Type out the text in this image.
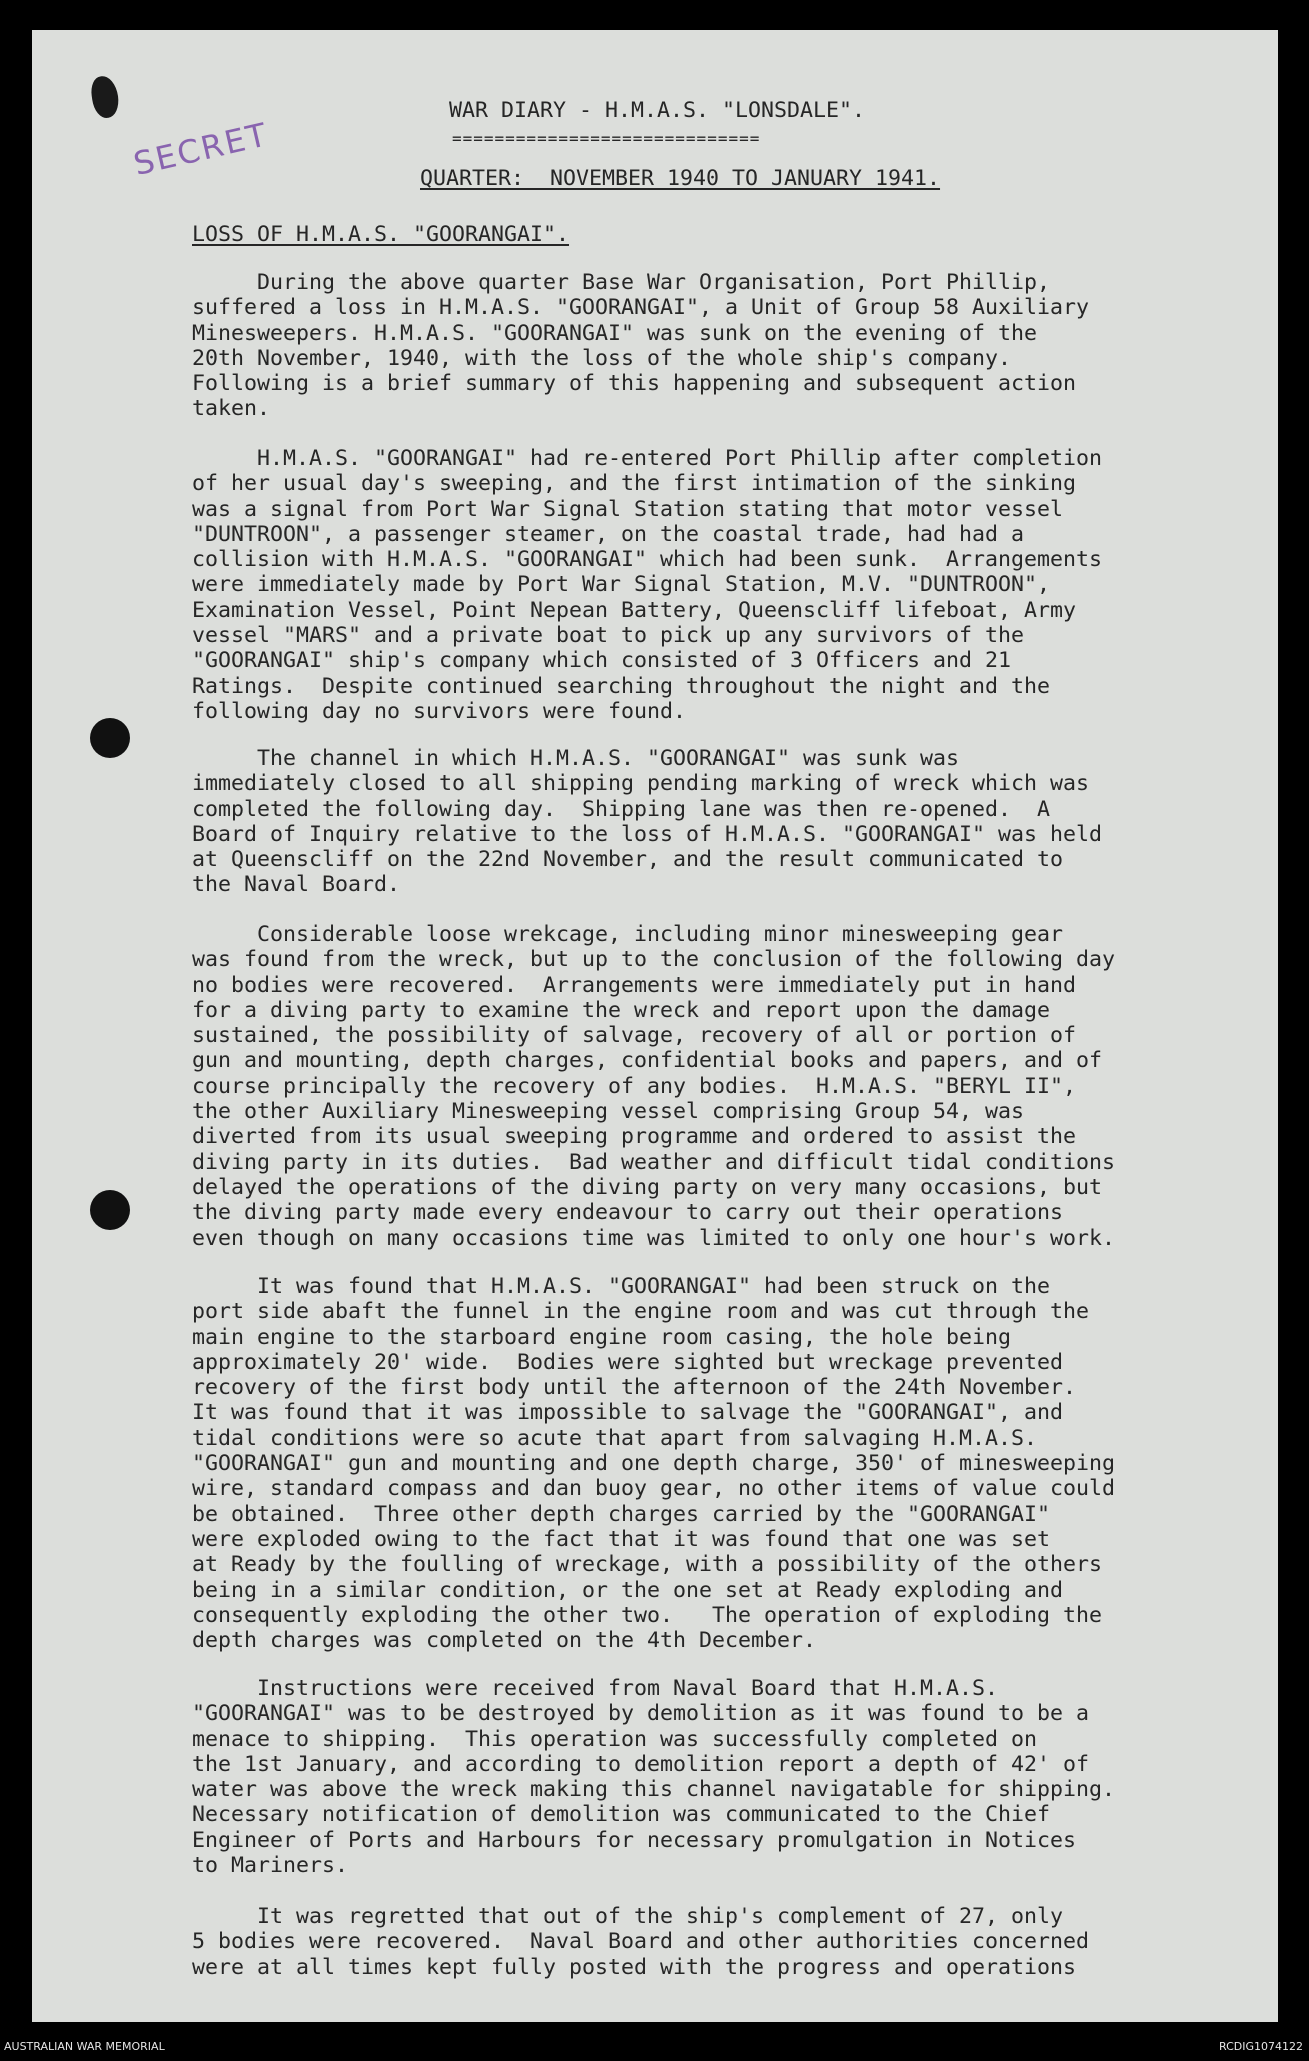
SECRET

WAR DIARY - H.M.A.S. "LONSDALE".

=============================

QUARTER:  NOVEMBER 1940 TO JANUARY 1941.

LOSS OF H.M.A.S. "GOORANGAI".

During the above quarter Base War Organisation, Port Phillip,
suffered a loss in H.M.A.S. "GOORANGAI", a Unit of Group 58 Auxiliary
Minesweepers. H.M.A.S. "GOORANGAI" was sunk on the evening of the
20th November, 1940, with the loss of the whole ship's company.
Following is a brief summary of this happening and subsequent action
taken.
H.M.A.S. "GOORANGAI" had re-entered Port Phillip after completion
of her usual day's sweeping, and the first intimation of the sinking
was a signal from Port War Signal Station stating that motor vessel
"DUNTROON", a passenger steamer, on the coastal trade, had had a
collision with H.M.A.S. "GOORANGAI" which had been sunk.  Arrangements
were immediately made by Port War Signal Station, M.V. "DUNTROON",
Examination Vessel, Point Nepean Battery, Queenscliff lifeboat, Army
vessel "MARS" and a private boat to pick up any survivors of the
"GOORANGAI" ship's company which consisted of 3 Officers and 21
Ratings.  Despite continued searching throughout the night and the
following day no survivors were found.
The channel in which H.M.A.S. "GOORANGAI" was sunk was
immediately closed to all shipping pending marking of wreck which was
completed the following day.  Shipping lane was then re-opened.  A
Board of Inquiry relative to the loss of H.M.A.S. "GOORANGAI" was held
at Queenscliff on the 22nd November, and the result communicated to
the Naval Board.
Considerable loose wrekcage, including minor minesweeping gear
was found from the wreck, but up to the conclusion of the following day
no bodies were recovered.  Arrangements were immediately put in hand
for a diving party to examine the wreck and report upon the damage
sustained, the possibility of salvage, recovery of all or portion of
gun and mounting, depth charges, confidential books and papers, and of
course principally the recovery of any bodies.  H.M.A.S. "BERYL II",
the other Auxiliary Minesweeping vessel comprising Group 54, was
diverted from its usual sweeping programme and ordered to assist the
diving party in its duties.  Bad weather and difficult tidal conditions
delayed the operations of the diving party on very many occasions, but
the diving party made every endeavour to carry out their operations
even though on many occasions time was limited to only one hour's work.
It was found that H.M.A.S. "GOORANGAI" had been struck on the
port side abaft the funnel in the engine room and was cut through the
main engine to the starboard engine room casing, the hole being
approximately 20' wide.  Bodies were sighted but wreckage prevented
recovery of the first body until the afternoon of the 24th November.
It was found that it was impossible to salvage the "GOORANGAI", and
tidal conditions were so acute that apart from salvaging H.M.A.S.
"GOORANGAI" gun and mounting and one depth charge, 350' of minesweeping
wire, standard compass and dan buoy gear, no other items of value could
be obtained.  Three other depth charges carried by the "GOORANGAI"
were exploded owing to the fact that it was found that one was set
at Ready by the foulling of wreckage, with a possibility of the others
being in a similar condition, or the one set at Ready exploding and
consequently exploding the other two.   The operation of exploding the
depth charges was completed on the 4th December.
Instructions were received from Naval Board that H.M.A.S.
"GOORANGAI" was to be destroyed by demolition as it was found to be a
menace to shipping.  This operation was successfully completed on
the 1st January, and according to demolition report a depth of 42' of
water was above the wreck making this channel navigatable for shipping.
Necessary notification of demolition was communicated to the Chief
Engineer of Ports and Harbours for necessary promulgation in Notices
to Mariners.
It was regretted that out of the ship's complement of 27, only
5 bodies were recovered.  Naval Board and other authorities concerned
were at all times kept fully posted with the progress and operations
AUSTRALIAN WAR MEMORIAL	RCDIG1074122
